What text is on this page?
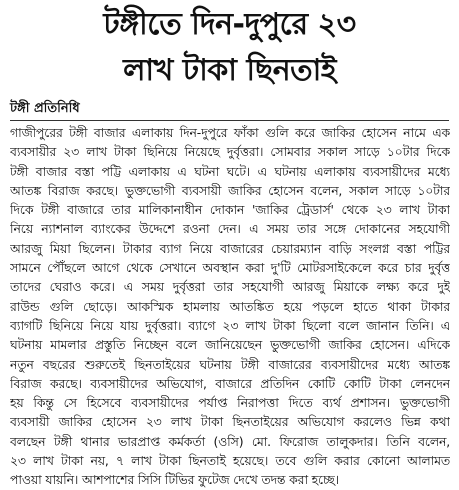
টঙ্গীতে দিন-দুপুরে ২৩
লাখ টাকা ছিনতাই
টঙ্গী প্রতিনিধি
গাজীপুরের টঙ্গী বাজার এলাকায় দিন-দুপুরে ফাঁকা গুলি করে জাকির হোসেন নামে এক
ব্যবসায়ীর ২৩ লাখ টাকা ছিনিয়ে নিয়েছে দুর্বৃত্তরা। সোমবার সকাল সাড়ে ১০টার দিকে
টঙ্গী বাজার বস্তা পট্টি এলাকায় এ ঘটনা ঘটে। এ ঘটনায় এলাকায় ব্যবসায়ীদের মধ্যে
আতঙ্ক বিরাজ করছে। ভুক্তভোগী ব্যবসায়ী জাকির হোসেন বলেন, সকাল সাড়ে ১০টার
দিকে টঙ্গী বাজারে তার মালিকানাধীন দোকান 'জাকির ট্রেডার্স' থেকে ২৩ লাখ টাকা
নিয়ে ন্যাশনাল ব্যাংকের উদ্দেশে রওনা দেন। এ সময় তার সঙ্গে দোকানের সহযোগী
আরজু মিয়া ছিলেন। টাকার ব্যাগ নিয়ে বাজারের চেয়ারম্যান বাড়ি সংলগ্ন বস্তা পট্টির
সামনে পৌঁছলে আগে থেকে সেখানে অবস্থান করা দু'টি মোটরসাইকেলে করে চার দুর্বৃত্ত
তাদের ঘেরাও করে। এ সময় দুর্বৃত্তরা তার সহযোগী আরজু মিয়াকে লক্ষ্য করে দুই
রাউন্ড গুলি ছোড়ে। আকস্মিক হামলায় আতঙ্কিত হয়ে পড়লে হাতে থাকা টাকার
ব্যাগটি ছিনিয়ে নিয়ে যায় দুর্বৃত্তরা। ব্যাগে ২৩ লাখ টাকা ছিলো বলে জানান তিনি। এ
ঘটনায় মামলার প্রস্তুতি নিচ্ছেন বলে জানিয়েছেন ভুক্তভোগী জাকির হোসেন। এদিকে
নতুন বছরের শুরুতেই ছিনতাইয়ের ঘটনায় টঙ্গী বাজারের ব্যবসায়ীদের মধ্যে আতঙ্ক
বিরাজ করছে। ব্যবসায়ীদের অভিযোগ, বাজারে প্রতিদিন কোটি কোটি টাকা লেনদেন
হয় কিন্তু সে হিসেবে ব্যবসায়ীদের পর্যাপ্ত নিরাপত্তা দিতে ব্যর্থ প্রশাসন। ভুক্তভোগী
ব্যবসায়ী জাকির হোসেন ২৩ লাখ টাকা ছিনতাইয়ের অভিযোগ করলেও ভিন্ন কথা
বলছেন টঙ্গী থানার ভারপ্রাপ্ত কর্মকর্তা (ওসি) মো. ফিরোজ তালুকদার। তিনি বলেন,
২৩ লাখ টাকা নয়, ৭ লাখ টাকা ছিনতাই হয়েছে। তবে গুলি করার কোনো আলামত
পাওয়া যায়নি। আশপাশের সিসি টিভির ফুটেজ দেখে তদন্ত করা হচ্ছে।
